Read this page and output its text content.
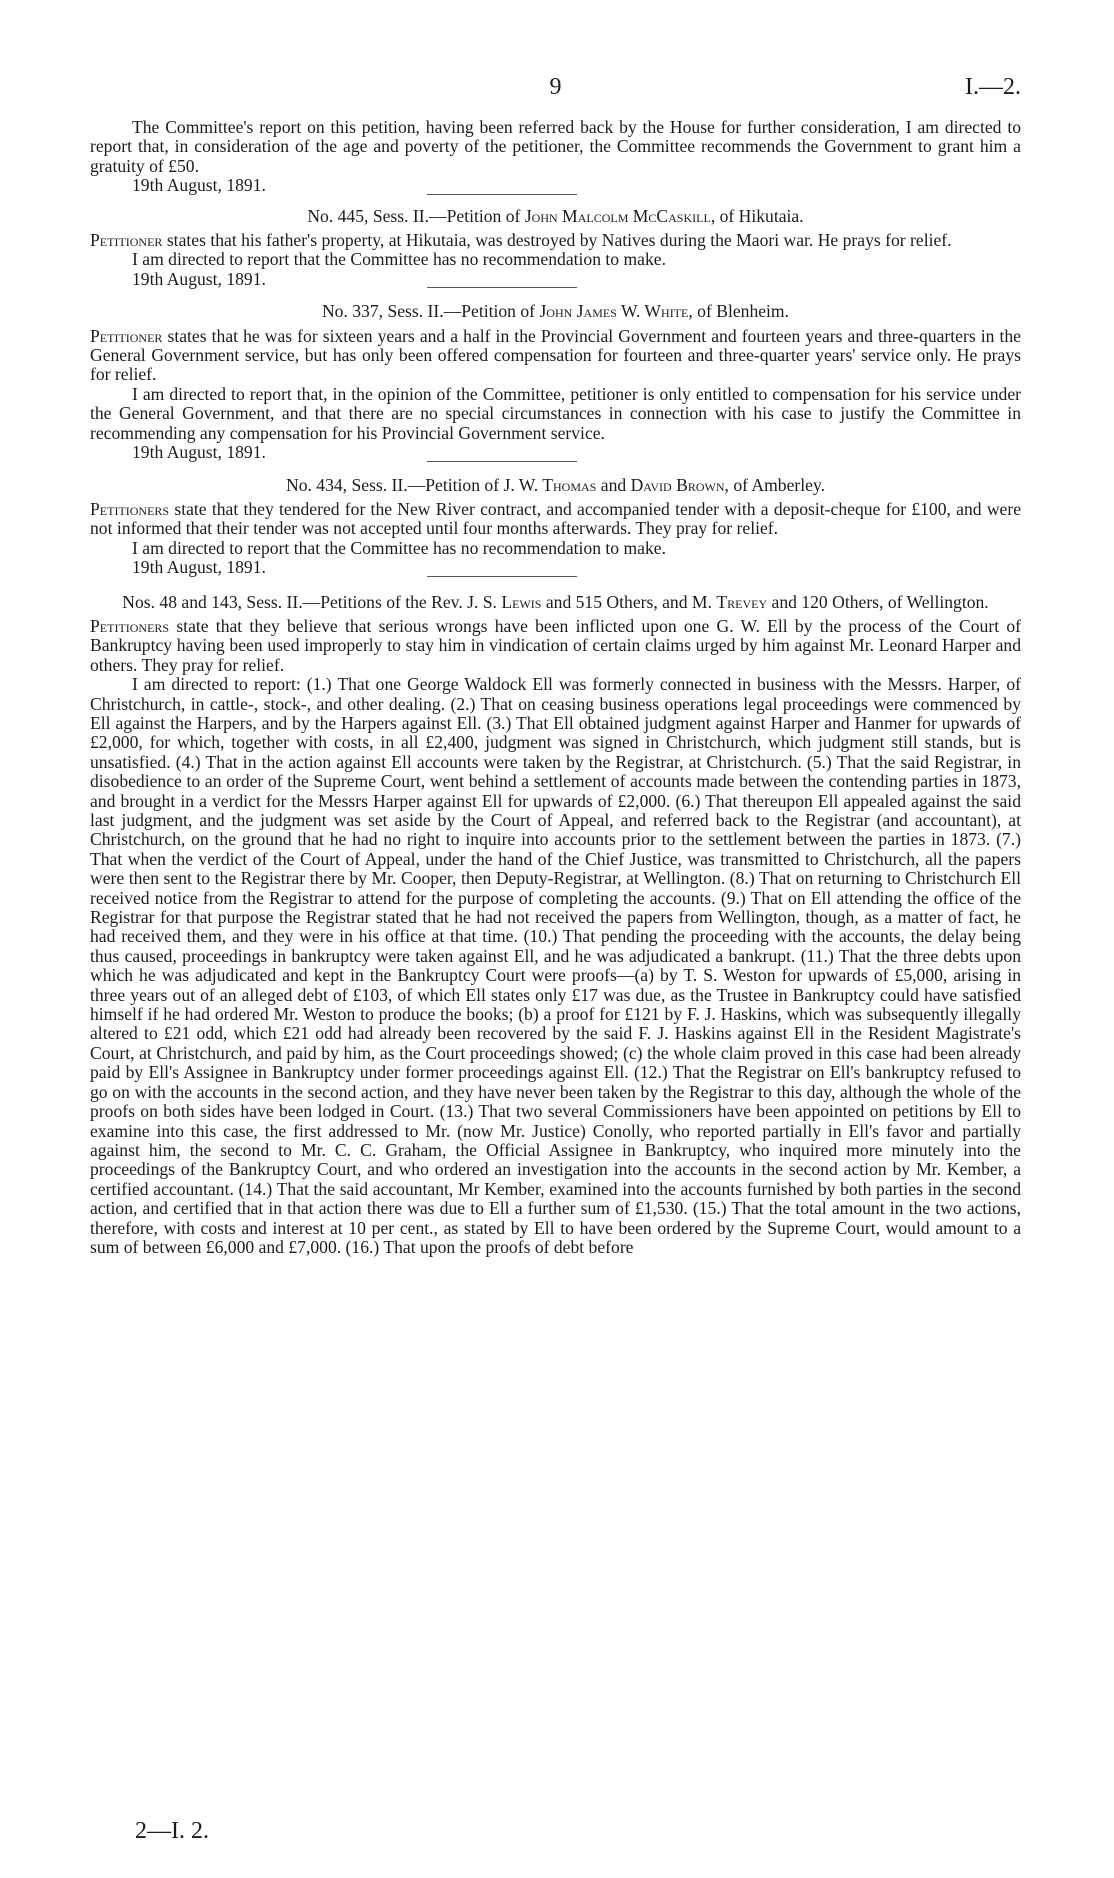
9	I.—2.

The Committee's report on this petition, having been referred back by the House for further consideration, I am directed to report that, in consideration of the age and poverty of the petitioner, the Committee recommends the Government to grant him a gratuity of £50.

19th August, 1891.

No. 445, Sess. II.—Petition of John Malcolm McCaskill, of Hikutaia.

Petitioner states that his father's property, at Hikutaia, was destroyed by Natives during the Maori war. He prays for relief.

I am directed to report that the Committee has no recommendation to make.

19th August, 1891.

No. 337, Sess. II.—Petition of John James W. White, of Blenheim.

Petitioner states that he was for sixteen years and a half in the Provincial Government and fourteen years and three-quarters in the General Government service, but has only been offered compensation for fourteen and three-quarter years' service only. He prays for relief.

I am directed to report that, in the opinion of the Committee, petitioner is only entitled to compensation for his service under the General Government, and that there are no special circumstances in connection with his case to justify the Committee in recommending any compensation for his Provincial Government service.

19th August, 1891.

No. 434, Sess. II.—Petition of J. W. Thomas and David Brown, of Amberley.

Petitioners state that they tendered for the New River contract, and accompanied tender with a deposit-cheque for £100, and were not informed that their tender was not accepted until four months afterwards. They pray for relief.

I am directed to report that the Committee has no recommendation to make.

19th August, 1891.

Nos. 48 and 143, Sess. II.—Petitions of the Rev. J. S. Lewis and 515 Others, and M. Trevey and 120 Others, of Wellington.

Petitioners state that they believe that serious wrongs have been inflicted upon one G. W. Ell by the process of the Court of Bankruptcy having been used improperly to stay him in vindication of certain claims urged by him against Mr. Leonard Harper and others. They pray for relief.

I am directed to report: (1.) That one George Waldock Ell was formerly connected in business with the Messrs. Harper, of Christchurch, in cattle-, stock-, and other dealing. (2.) That on ceasing business operations legal proceedings were commenced by Ell against the Harpers, and by the Harpers against Ell. (3.) That Ell obtained judgment against Harper and Hanmer for upwards of £2,000, for which, together with costs, in all £2,400, judgment was signed in Christchurch, which judgment still stands, but is unsatisfied. (4.) That in the action against Ell accounts were taken by the Registrar, at Christchurch. (5.) That the said Registrar, in disobedience to an order of the Supreme Court, went behind a settlement of accounts made between the contending parties in 1873, and brought in a verdict for the Messrs Harper against Ell for upwards of £2,000. (6.) That thereupon Ell appealed against the said last judgment, and the judgment was set aside by the Court of Appeal, and referred back to the Registrar (and accountant), at Christchurch, on the ground that he had no right to inquire into accounts prior to the settlement between the parties in 1873. (7.) That when the verdict of the Court of Appeal, under the hand of the Chief Justice, was transmitted to Christchurch, all the papers were then sent to the Registrar there by Mr. Cooper, then Deputy-Registrar, at Wellington. (8.) That on returning to Christchurch Ell received notice from the Registrar to attend for the purpose of completing the accounts. (9.) That on Ell attending the office of the Registrar for that purpose the Registrar stated that he had not received the papers from Wellington, though, as a matter of fact, he had received them, and they were in his office at that time. (10.) That pending the proceeding with the accounts, the delay being thus caused, proceedings in bankruptcy were taken against Ell, and he was adjudicated a bankrupt. (11.) That the three debts upon which he was adjudicated and kept in the Bankruptcy Court were proofs—(a) by T. S. Weston for upwards of £5,000, arising in three years out of an alleged debt of £103, of which Ell states only £17 was due, as the Trustee in Bankruptcy could have satisfied himself if he had ordered Mr. Weston to produce the books; (b) a proof for £121 by F. J. Haskins, which was subsequently illegally altered to £21 odd, which £21 odd had already been recovered by the said F. J. Haskins against Ell in the Resident Magistrate's Court, at Christchurch, and paid by him, as the Court proceedings showed; (c) the whole claim proved in this case had been already paid by Ell's Assignee in Bankruptcy under former proceedings against Ell. (12.) That the Registrar on Ell's bankruptcy refused to go on with the accounts in the second action, and they have never been taken by the Registrar to this day, although the whole of the proofs on both sides have been lodged in Court. (13.) That two several Commissioners have been appointed on petitions by Ell to examine into this case, the first addressed to Mr. (now Mr. Justice) Conolly, who reported partially in Ell's favor and partially against him, the second to Mr. C. C. Graham, the Official Assignee in Bankruptcy, who inquired more minutely into the proceedings of the Bankruptcy Court, and who ordered an investigation into the accounts in the second action by Mr. Kember, a certified accountant. (14.) That the said accountant, Mr Kember, examined into the accounts furnished by both parties in the second action, and certified that in that action there was due to Ell a further sum of £1,530. (15.) That the total amount in the two actions, therefore, with costs and interest at 10 per cent., as stated by Ell to have been ordered by the Supreme Court, would amount to a sum of between £6,000 and £7,000. (16.) That upon the proofs of debt before

2—I. 2.
